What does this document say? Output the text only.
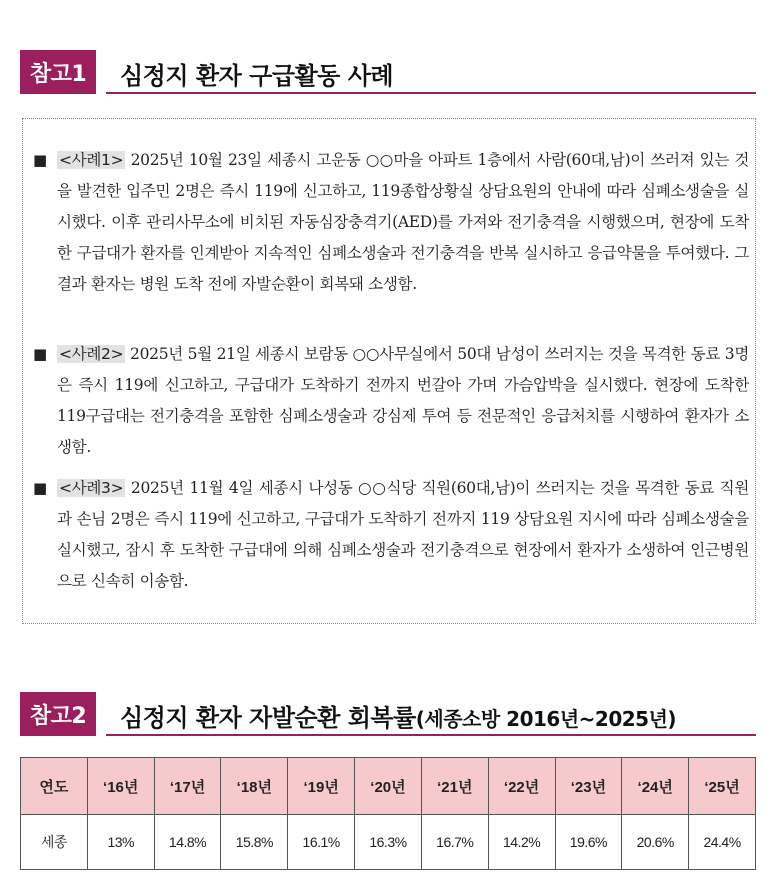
참고1	심정지 환자 구급활동 사례
■ <사례1> 2025년 10월 23일 세종시 고운동 ○○마을 아파트 1층에서 사람(60대,남)이 쓰러져 있는 것을 발견한 입주민 2명은 즉시 119에 신고하고, 119종합상황실 상담요원의 안내에 따라 심폐소생술을 실시했다. 이후 관리사무소에 비치된 자동심장충격기(AED)를 가져와 전기충격을 시행했으며, 현장에 도착한 구급대가 환자를 인계받아 지속적인 심폐소생술과 전기충격을 반복 실시하고 응급약물을 투여했다. 그 결과 환자는 병원 도착 전에 자발순환이 회복돼 소생함.
■ <사례2> 2025년 5월 21일 세종시 보람동 ○○사무실에서 50대 남성이 쓰러지는 것을 목격한 동료 3명은 즉시 119에 신고하고, 구급대가 도착하기 전까지 번갈아 가며 가슴압박을 실시했다. 현장에 도착한 119구급대는 전기충격을 포함한 심폐소생술과 강심제 투여 등 전문적인 응급처치를 시행하여 환자가 소생함.
■ <사례3> 2025년 11월 4일 세종시 나성동 ○○식당 직원(60대,남)이 쓰러지는 것을 목격한 동료 직원과 손님 2명은 즉시 119에 신고하고, 구급대가 도착하기 전까지 119 상담요원 지시에 따라 심폐소생술을 실시했고, 잠시 후 도착한 구급대에 의해 심폐소생술과 전기충격으로 현장에서 환자가 소생하여 인근병원으로 신속히 이송함.
참고2	심정지 환자 자발순환 회복률(세종소방 2016년~2025년)
연도	‘16년	‘17년	‘18년	‘19년	‘20년	‘21년	‘22년	‘23년	‘24년	‘25년
세종	13%	14.8%	15.8%	16.1%	16.3%	16.7%	14.2%	19.6%	20.6%	24.4%
